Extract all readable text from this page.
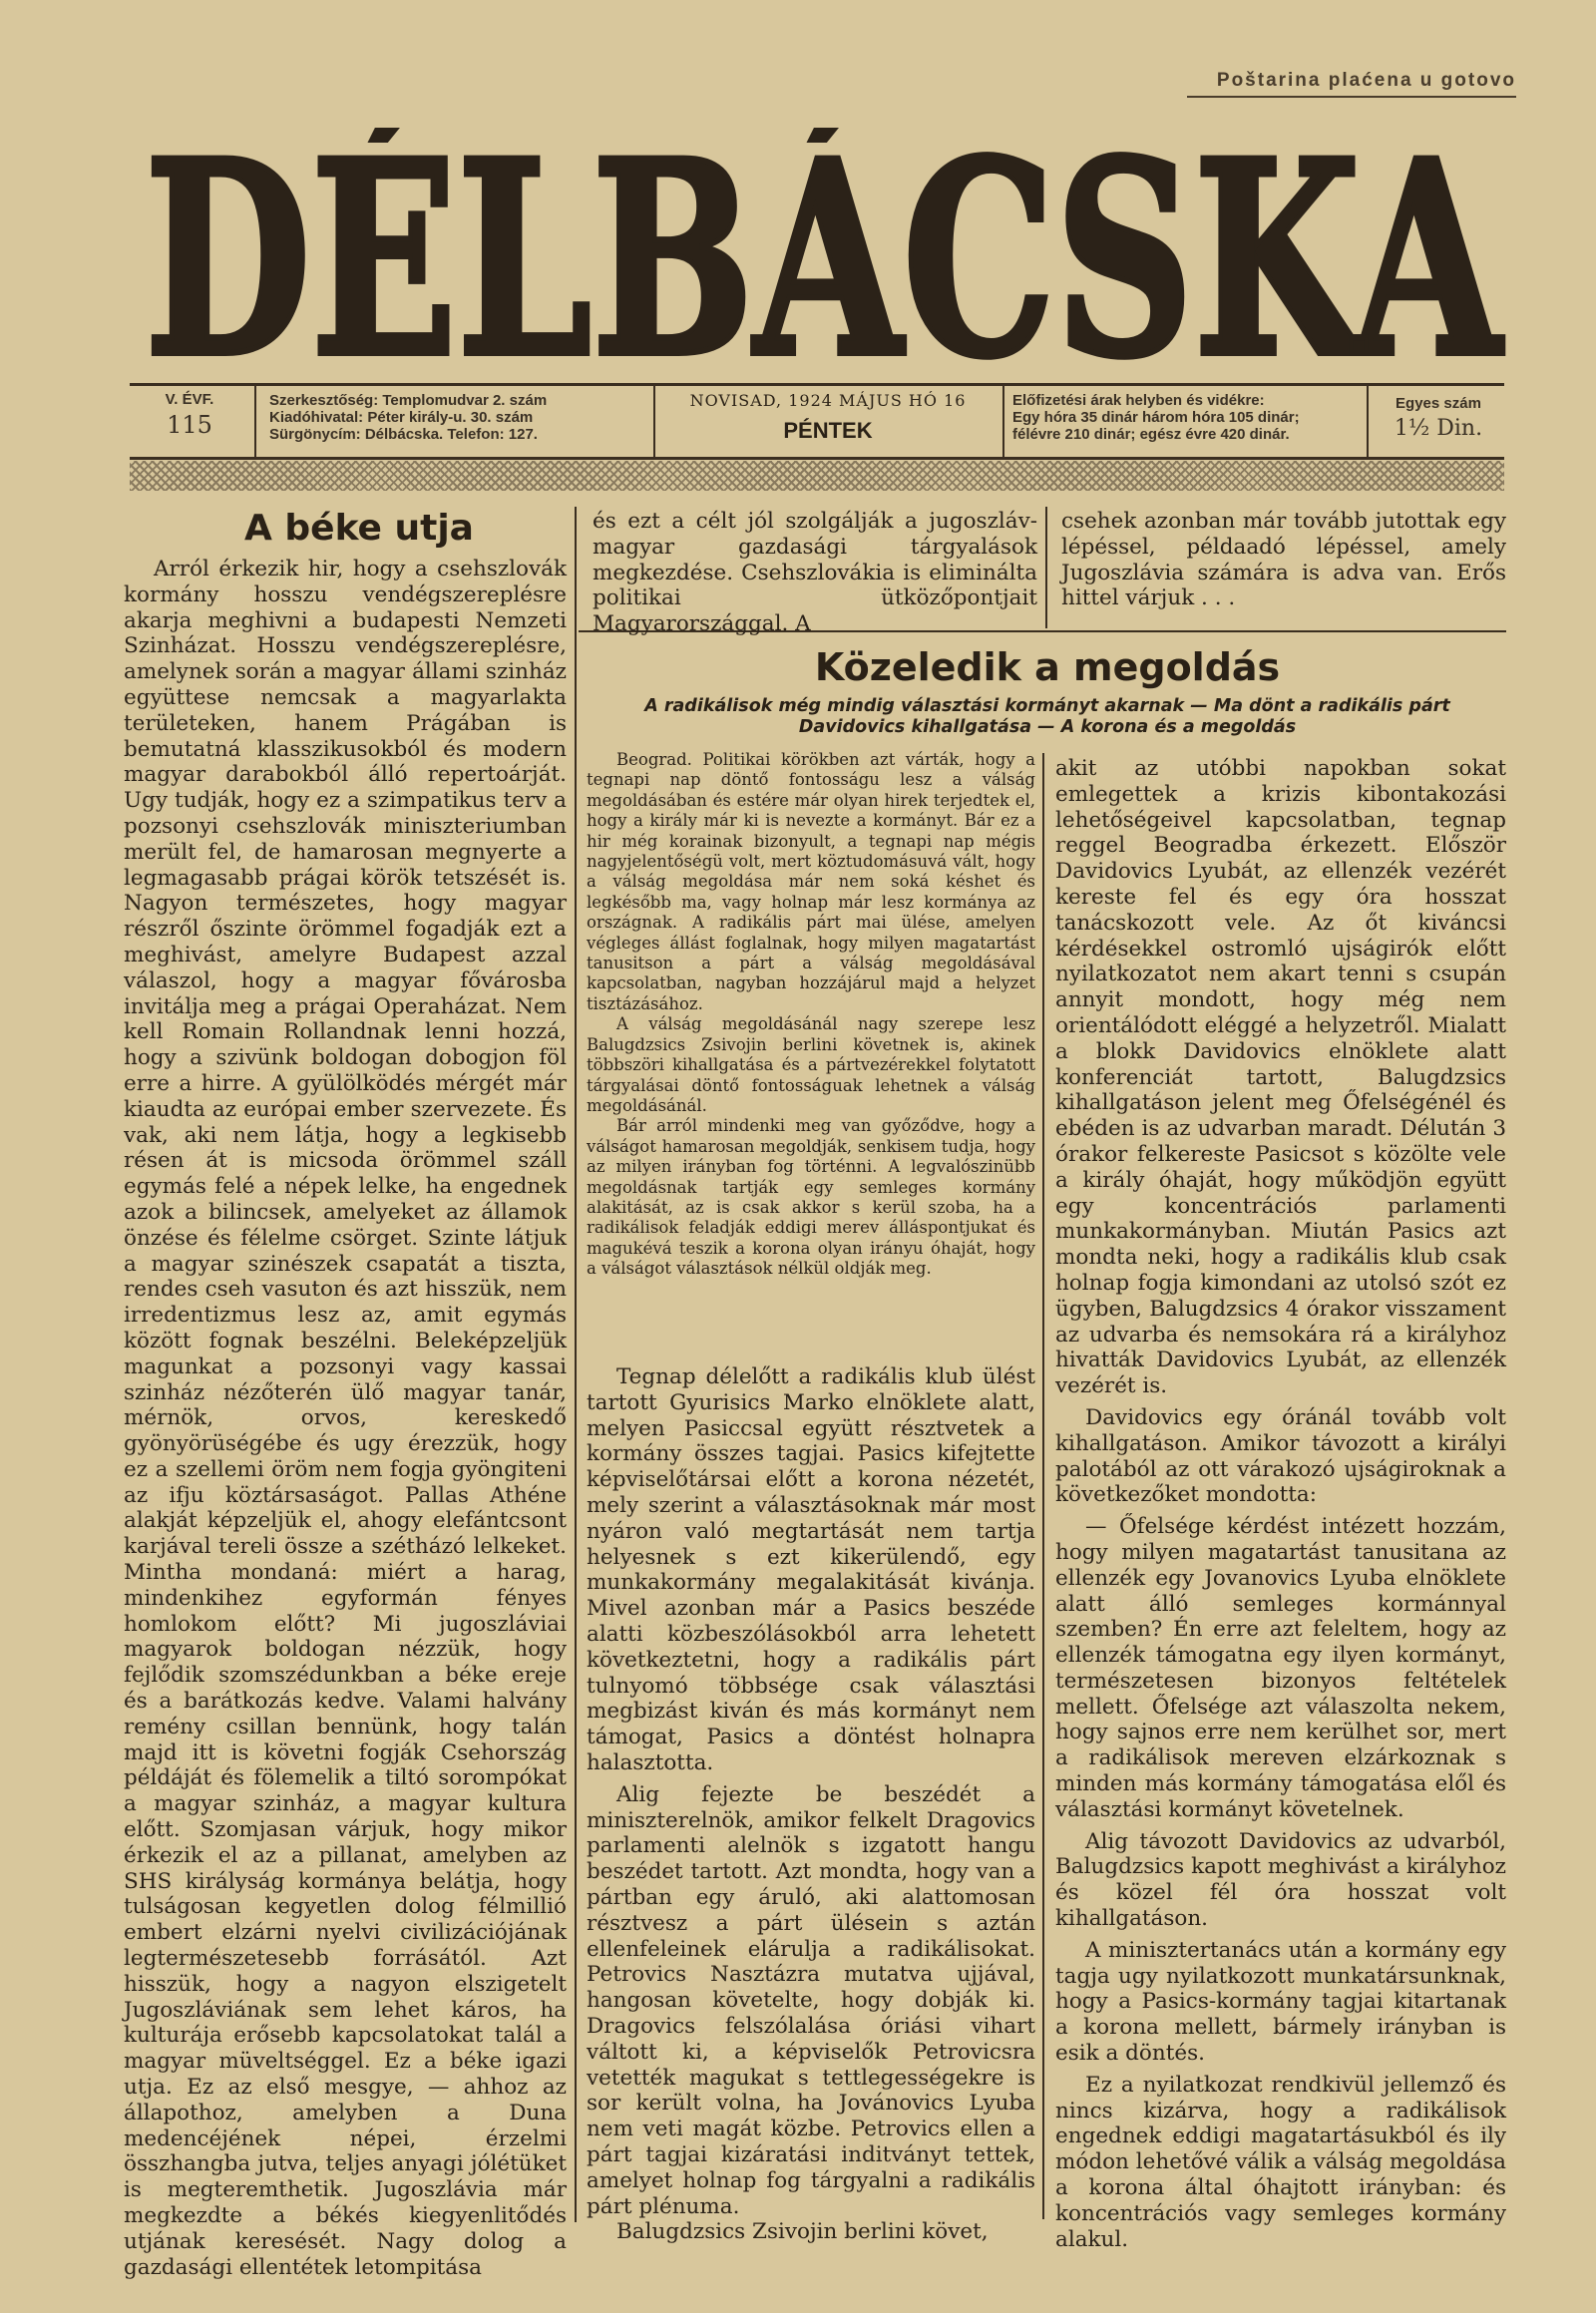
Poštarina plaćena u gotovo
DÉLBÁCSKA
V. ÉVF.
115
Szerkesztőség: Templomudvar 2. szám
Kiadóhivatal: Péter király-u. 30. szám
Sürgönycím: Délbácska. Telefon: 127.
NOVISAD, 1924 MÁJUS HÓ 16
PÉNTEK
Előfizetési árak helyben és vidékre:
Egy hóra 35 dinár három hóra 105 dinár;
félévre 210 dinár; egész évre 420 dinár.
Egyes szám
1½ Din.
A béke utja

Arról érkezik hir, hogy a csehszlovák kormány hosszu vendégszereplésre akarja meghivni a budapesti Nemzeti Szinházat. Hosszu vendégszereplésre, amelynek során a magyar állami szinház együttese nemcsak a magyarlakta területeken, hanem Prágában is bemutatná klasszikusokból és modern magyar darabokból álló repertoárját. Ugy tudják, hogy ez a szimpatikus terv a pozsonyi csehszlovák miniszteriumban merült fel, de hamarosan megnyerte a legmagasabb prágai körök tetszését is. Nagyon természetes, hogy magyar részről őszinte örömmel fogadják ezt a meghivást, amelyre Budapest azzal válaszol, hogy a magyar fővárosba invitálja meg a prágai Operaházat. Nem kell Romain Rollandnak lenni hozzá, hogy a szivünk boldogan dobogjon föl erre a hirre. A gyülölködés mérgét már kiaudta az európai ember szervezete. És vak, aki nem látja, hogy a legkisebb résen át is micsoda örömmel száll egymás felé a népek lelke, ha engednek azok a bilincsek, amelyeket az államok önzése és félelme csörget. Szinte látjuk a magyar szinészek csapatát a tiszta, rendes cseh vasuton és azt hisszük, nem irredentizmus lesz az, amit egymás között fognak beszélni. Beleképzeljük magunkat a pozsonyi vagy kassai szinház nézőterén ülő magyar tanár, mérnök, orvos, kereskedő gyönyörüségébe és ugy érezzük, hogy ez a szellemi öröm nem fogja gyöngiteni az ifju köztársaságot. Pallas Athéne alakját képzeljük el, ahogy elefántcsont karjával tereli össze a szétházó lelkeket. Mintha mondaná: miért a harag, mindenkihez egyformán fényes homlokom előtt? Mi jugoszláviai magyarok boldogan nézzük, hogy fejlődik szomszédunkban a béke ereje és a barátkozás kedve. Valami halvány remény csillan bennünk, hogy talán majd itt is követni fogják Csehország példáját és fölemelik a tiltó sorompókat a magyar szinház, a magyar kultura előtt. Szomjasan várjuk, hogy mikor érkezik el az a pillanat, amelyben az SHS királyság kormánya belátja, hogy tulságosan kegyetlen dolog félmillió embert elzárni nyelvi civilizációjának legtermészetesebb forrásától. Azt hisszük, hogy a nagyon elszigetelt Jugoszláviának sem lehet káros, ha kulturája erősebb kapcsolatokat talál a magyar müveltséggel. Ez a béke igazi utja. Ez az első mesgye, — ahhoz az állapothoz, amelyben a Duna medencéjének népei, érzelmi összhangba jutva, teljes anyagi jólétüket is megteremthetik. Jugoszlávia már megkezdte a békés kiegyenlitődés utjának keresését. Nagy dolog a gazdasági ellentétek letompitása

és ezt a célt jól szolgálják a jugoszláv-magyar gazdasági tárgyalások megkezdése. Csehszlovákia is eliminálta politikai ütközőpontjait Magyarországgal. A

csehek azonban már tovább jutottak egy lépéssel, példaadó lépéssel, amely Jugoszlávia számára is adva van. Erős hittel várjuk . . .

Közeledik a megoldás
A radikálisok még mindig választási kormányt akarnak — Ma dönt a radikális párt Davidovics kihallgatása — A korona és a megoldás

Beograd. Politikai körökben azt várták, hogy a tegnapi nap döntő fontosságu lesz a válság megoldásában és estére már olyan hirek terjedtek el, hogy a király már ki is nevezte a kormányt. Bár ez a hir még korainak bizonyult, a tegnapi nap mégis nagyjelentőségü volt, mert köztudomásuvá vált, hogy a válság megoldása már nem soká késhet és legkésőbb ma, vagy holnap már lesz kormánya az országnak. A radikális párt mai ülése, amelyen végleges állást foglalnak, hogy milyen magatartást tanusitson a párt a válság megoldásával kapcsolatban, nagyban hozzájárul majd a helyzet tisztázásához.

A válság megoldásánál nagy szerepe lesz Balugdzsics Zsivojin berlini követnek is, akinek többszöri kihallgatása és a pártvezérekkel folytatott tárgyalásai döntő fontosságuak lehetnek a válság megoldásánál.

Bár arról mindenki meg van győződve, hogy a válságot hamarosan megoldják, senkisem tudja, hogy az milyen irányban fog történni. A legvalószinübb megoldásnak tartják egy semleges kormány alakitását, az is csak akkor s kerül szoba, ha a radikálisok feladják eddigi merev álláspontjukat és magukévá teszik a korona olyan irányu óhaját, hogy a válságot választások nélkül oldják meg.

Tegnap délelőtt a radikális klub ülést tartott Gyurisics Marko elnöklete alatt, melyen Pasiccsal együtt résztvetek a kormány összes tagjai. Pasics kifejtette képviselőtársai előtt a korona nézetét, mely szerint a választásoknak már most nyáron való megtartását nem tartja helyesnek s ezt kikerülendő, egy munkakormány megalakitását kivánja. Mivel azonban már a Pasics beszéde alatti közbeszólásokból arra lehetett következtetni, hogy a radikális párt tulnyomó többsége csak választási megbizást kiván és más kormányt nem támogat, Pasics a döntést holnapra halasztotta.

Alig fejezte be beszédét a miniszterelnök, amikor felkelt Dragovics parlamenti alelnök s izgatott hangu beszédet tartott. Azt mondta, hogy van a pártban egy áruló, aki alattomosan résztvesz a párt ülésein s aztán ellenfeleinek elárulja a radikálisokat. Petrovics Nasztázra mutatva ujjával, hangosan követelte, hogy dobják ki. Dragovics felszólalása óriási vihart váltott ki, a képviselők Petrovicsra vetették magukat s tettlegességekre is sor került volna, ha Jovánovics Lyuba nem veti magát közbe. Petrovics ellen a párt tagjai kizáratási inditványt tettek, amelyet holnap fog tárgyalni a radikális párt plénuma.

Balugdzsics Zsivojin berlini követ,

akit az utóbbi napokban sokat emlegettek a krizis kibontakozási lehetőségeivel kapcsolatban, tegnap reggel Beogradba érkezett. Először Davidovics Lyubát, az ellenzék vezérét kereste fel és egy óra hosszat tanácskozott vele. Az őt kiváncsi kérdésekkel ostromló ujságirók előtt nyilatkozatot nem akart tenni s csupán annyit mondott, hogy még nem orientálódott eléggé a helyzetről. Mialatt a blokk Davidovics elnöklete alatt konferenciát tartott, Balugdzsics kihallgatáson jelent meg Őfelségénél és ebéden is az udvarban maradt. Délután 3 órakor felkereste Pasicsot s közölte vele a király óhaját, hogy működjön együtt egy koncentrációs parlamenti munkakormányban. Miután Pasics azt mondta neki, hogy a radikális klub csak holnap fogja kimondani az utolsó szót ez ügyben, Balugdzsics 4 órakor visszament az udvarba és nemsokára rá a királyhoz hivatták Davidovics Lyubát, az ellenzék vezérét is.

Davidovics egy óránál tovább volt kihallgatáson. Amikor távozott a királyi palotából az ott várakozó ujságiroknak a következőket mondotta:

— Őfelsége kérdést intézett hozzám, hogy milyen magatartást tanusitana az ellenzék egy Jovanovics Lyuba elnöklete alatt álló semleges kormánnyal szemben? Én erre azt feleltem, hogy az ellenzék támogatna egy ilyen kormányt, természetesen bizonyos feltételek mellett. Őfelsége azt válaszolta nekem, hogy sajnos erre nem kerülhet sor, mert a radikálisok mereven elzárkoznak s minden más kormány támogatása elől és választási kormányt követelnek.

Alig távozott Davidovics az udvarból, Balugdzsics kapott meghivást a királyhoz és közel fél óra hosszat volt kihallgatáson.

A minisztertanács után a kormány egy tagja ugy nyilatkozott munkatársunknak, hogy a Pasics-kormány tagjai kitartanak a korona mellett, bármely irányban is esik a döntés.

Ez a nyilatkozat rendkivül jellemző és nincs kizárva, hogy a radikálisok engednek eddigi magatartásukból és ily módon lehetővé válik a válság megoldása a korona által óhajtott irányban: és koncentrációs vagy semleges kormány alakul.
